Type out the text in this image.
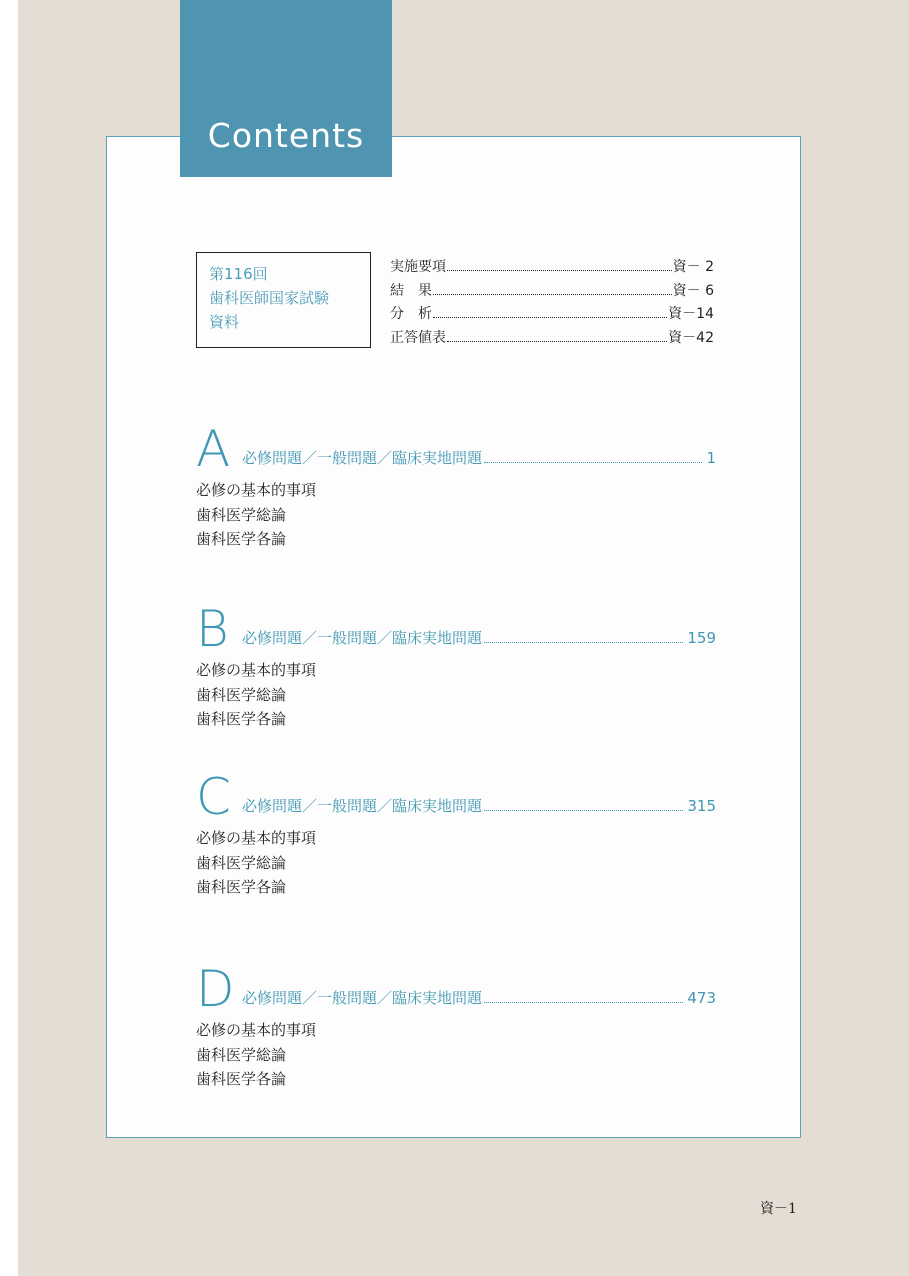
Contents
第116回
歯科医師国家試験
資料
実施要項	資－ 2
結　果	資－ 6
分　析	資－14
正答値表	資－42
A 必修問題／一般問題／臨床実地問題	1
必修の基本的事項
歯科医学総論
歯科医学各論
B 必修問題／一般問題／臨床実地問題	159
必修の基本的事項
歯科医学総論
歯科医学各論
C 必修問題／一般問題／臨床実地問題	315
必修の基本的事項
歯科医学総論
歯科医学各論
D 必修問題／一般問題／臨床実地問題	473
必修の基本的事項
歯科医学総論
歯科医学各論
資－1
